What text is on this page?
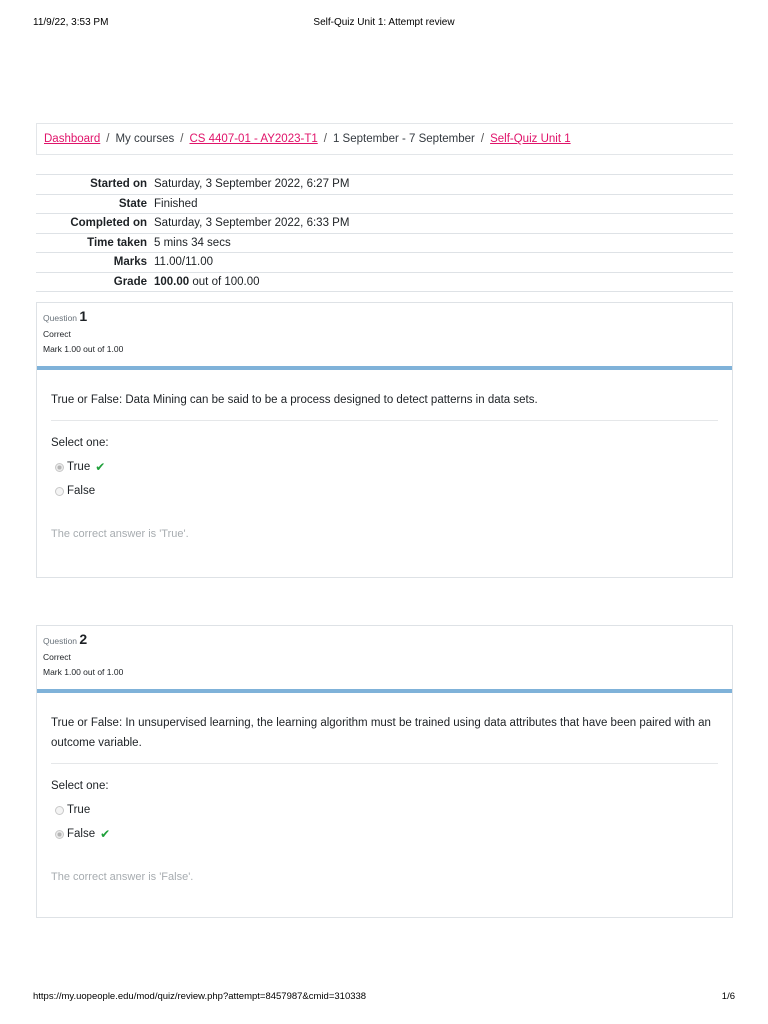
11/9/22, 3:53 PM	Self-Quiz Unit 1: Attempt review
Dashboard / My courses / CS 4407-01 - AY2023-T1 / 1 September - 7 September / Self-Quiz Unit 1
Started on	Saturday, 3 September 2022, 6:27 PM
State	Finished
Completed on	Saturday, 3 September 2022, 6:33 PM
Time taken	5 mins 34 secs
Marks	11.00/11.00
Grade	100.00 out of 100.00
Question 1
Correct
Mark 1.00 out of 1.00
True or False: Data Mining can be said to be a process designed to detect patterns in data sets.
Select one:
True ✔
False
The correct answer is 'True'.
Question 2
Correct
Mark 1.00 out of 1.00
True or False: In unsupervised learning, the learning algorithm must be trained using data attributes that have been paired with an outcome variable.
Select one:
True
False ✔
The correct answer is 'False'.
https://my.uopeople.edu/mod/quiz/review.php?attempt=8457987&cmid=310338	1/6
